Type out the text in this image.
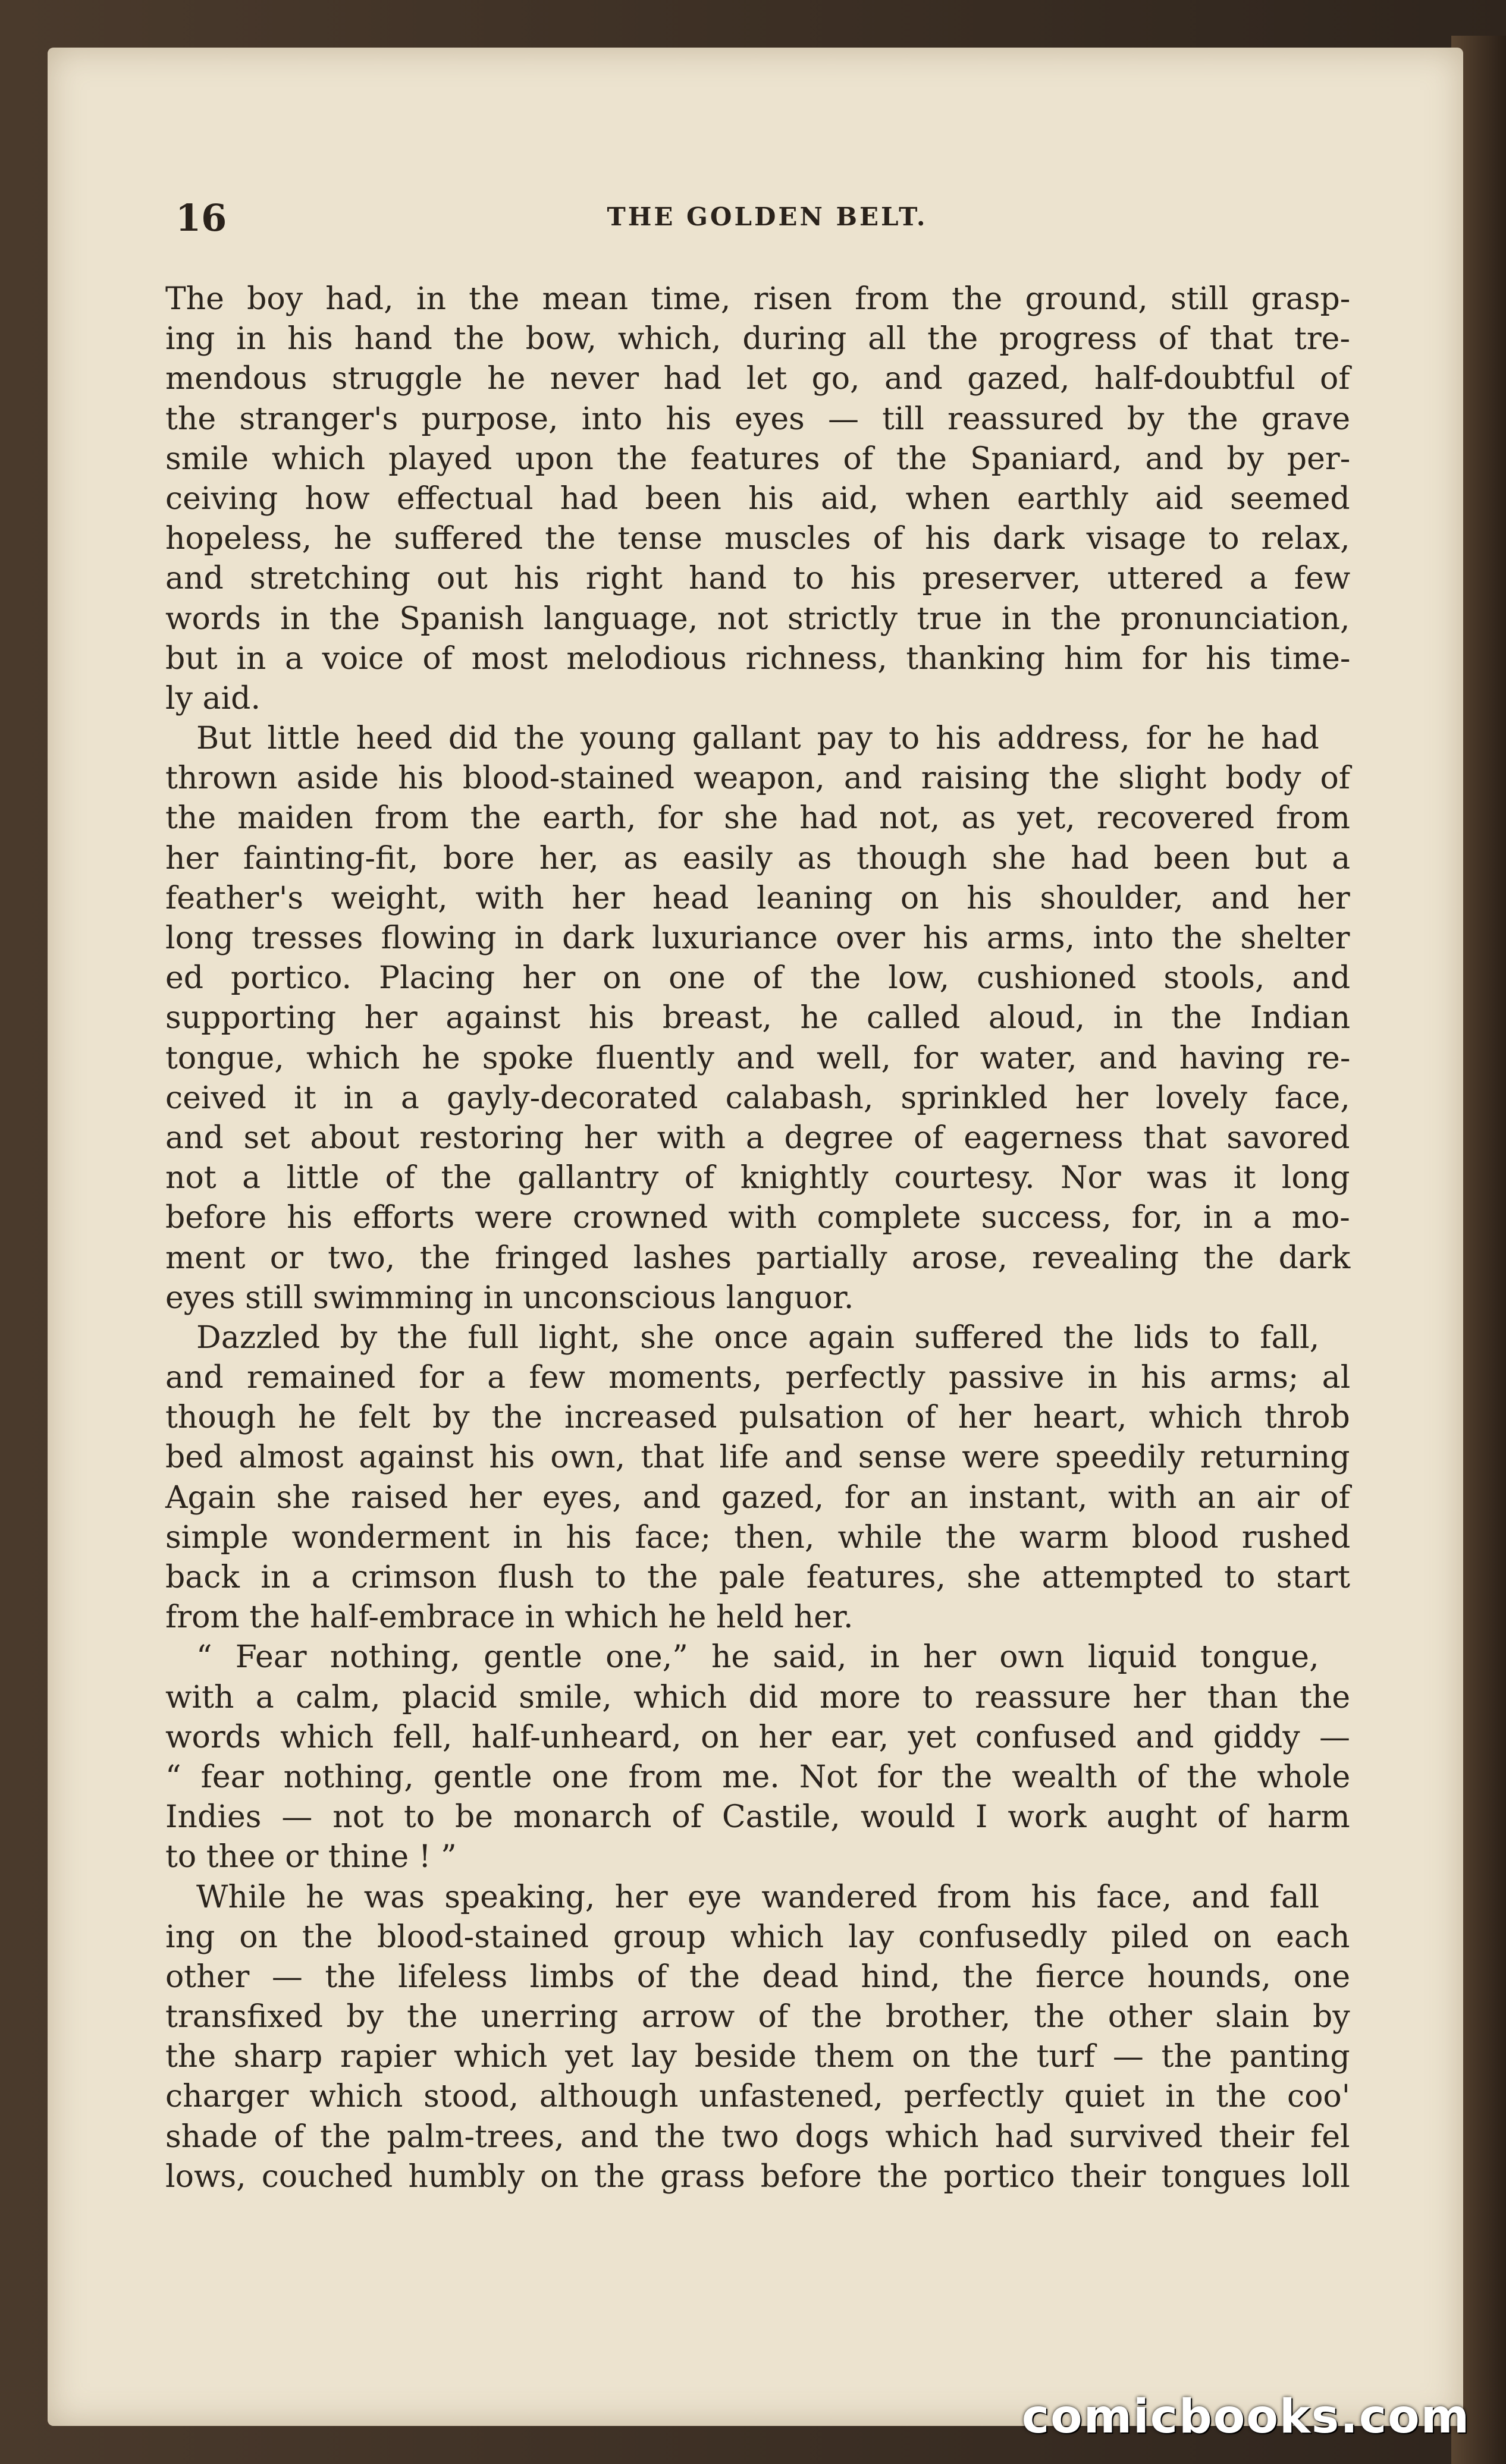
16	THE GOLDEN BELT.
The boy had, in the mean time, risen from the ground, still grasp-
ing in his hand the bow, which, during all the progress of that tre-
mendous struggle he never had let go, and gazed, half-doubtful of
the stranger's purpose, into his eyes — till reassured by the grave
smile which played upon the features of the Spaniard, and by per-
ceiving how effectual had been his aid, when earthly aid seemed
hopeless, he suffered the tense muscles of his dark visage to relax,
and stretching out his right hand to his preserver, uttered a few
words in the Spanish language, not strictly true in the pronunciation,
but in a voice of most melodious richness, thanking him for his time-
ly aid.
But little heed did the young gallant pay to his address, for he had
thrown aside his blood-stained weapon, and raising the slight body of
the maiden from the earth, for she had not, as yet, recovered from
her fainting-fit, bore her, as easily as though she had been but a
feather's weight, with her head leaning on his shoulder, and her
long tresses flowing in dark luxuriance over his arms, into the shelter
ed portico. Placing her on one of the low, cushioned stools, and
supporting her against his breast, he called aloud, in the Indian
tongue, which he spoke fluently and well, for water, and having re-
ceived it in a gayly-decorated calabash, sprinkled her lovely face,
and set about restoring her with a degree of eagerness that savored
not a little of the gallantry of knightly courtesy. Nor was it long
before his efforts were crowned with complete success, for, in a mo-
ment or two, the fringed lashes partially arose, revealing the dark
eyes still swimming in unconscious languor.
Dazzled by the full light, she once again suffered the lids to fall,
and remained for a few moments, perfectly passive in his arms; al
though he felt by the increased pulsation of her heart, which throb
bed almost against his own, that life and sense were speedily returning
Again she raised her eyes, and gazed, for an instant, with an air of
simple wonderment in his face; then, while the warm blood rushed
back in a crimson flush to the pale features, she attempted to start
from the half-embrace in which he held her.
“ Fear nothing, gentle one,” he said, in her own liquid tongue,
with a calm, placid smile, which did more to reassure her than the
words which fell, half-unheard, on her ear, yet confused and giddy —
“ fear nothing, gentle one from me. Not for the wealth of the whole
Indies — not to be monarch of Castile, would I work aught of harm
to thee or thine ! ”
While he was speaking, her eye wandered from his face, and fall
ing on the blood-stained group which lay confusedly piled on each
other — the lifeless limbs of the dead hind, the fierce hounds, one
transfixed by the unerring arrow of the brother, the other slain by
the sharp rapier which yet lay beside them on the turf — the panting
charger which stood, although unfastened, perfectly quiet in the coo'
shade of the palm-trees, and the two dogs which had survived their fel
lows, couched humbly on the grass before the portico their tongues loll
comicbooks.com
